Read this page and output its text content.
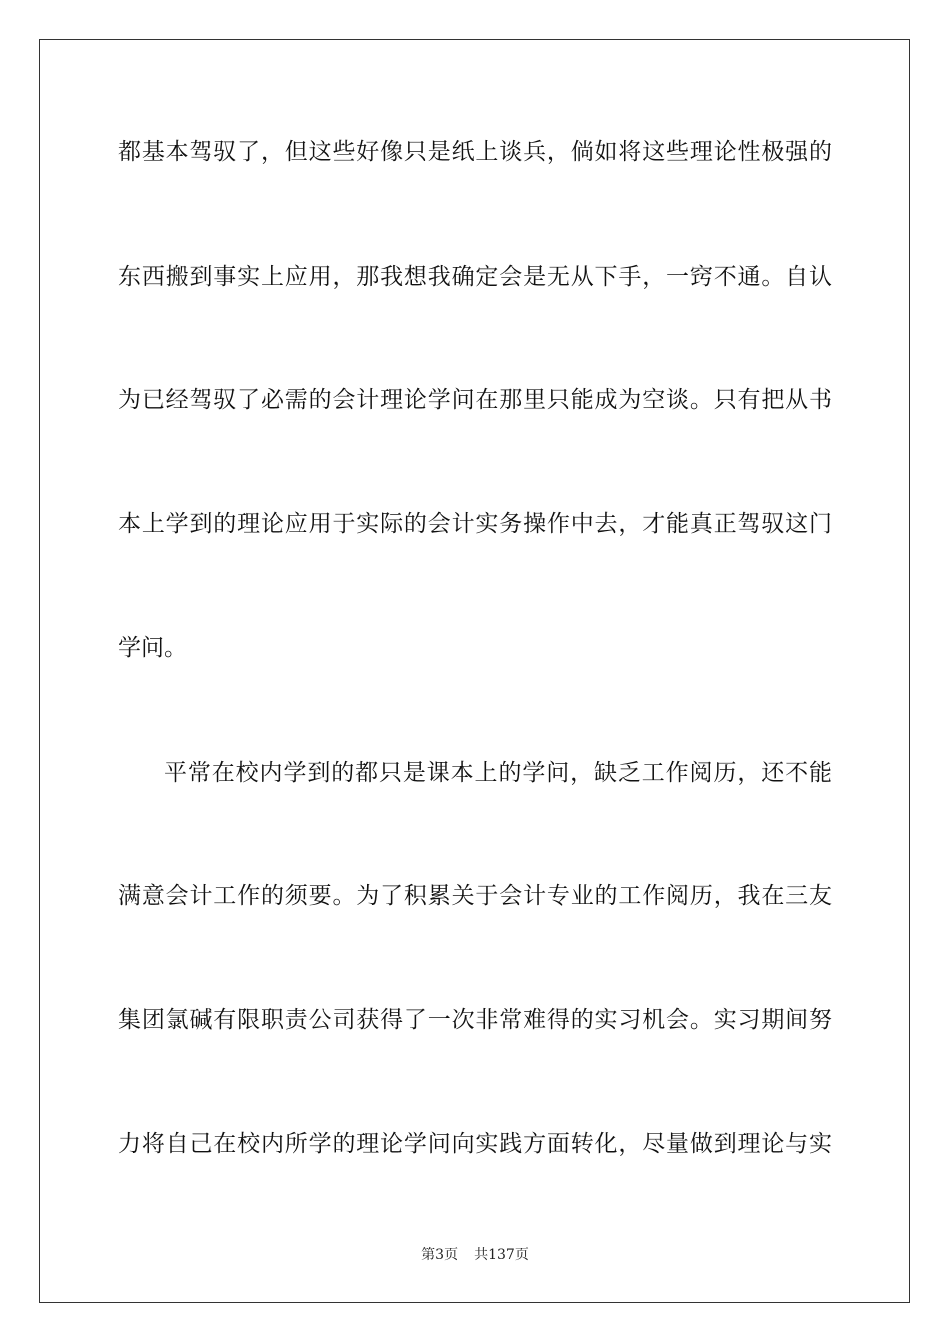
都基本驾驭了，但这些好像只是纸上谈兵，倘如将这些理论性极强的
东西搬到事实上应用，那我想我确定会是无从下手，一窍不通。自认
为已经驾驭了必需的会计理论学问在那里只能成为空谈。只有把从书
本上学到的理论应用于实际的会计实务操作中去，才能真正驾驭这门
学问。
平常在校内学到的都只是课本上的学问，缺乏工作阅历，还不能
满意会计工作的须要。为了积累关于会计专业的工作阅历，我在三友
集团氯碱有限职责公司获得了一次非常难得的实习机会。实习期间努
力将自己在校内所学的理论学问向实践方面转化，尽量做到理论与实
第3页 共137页
